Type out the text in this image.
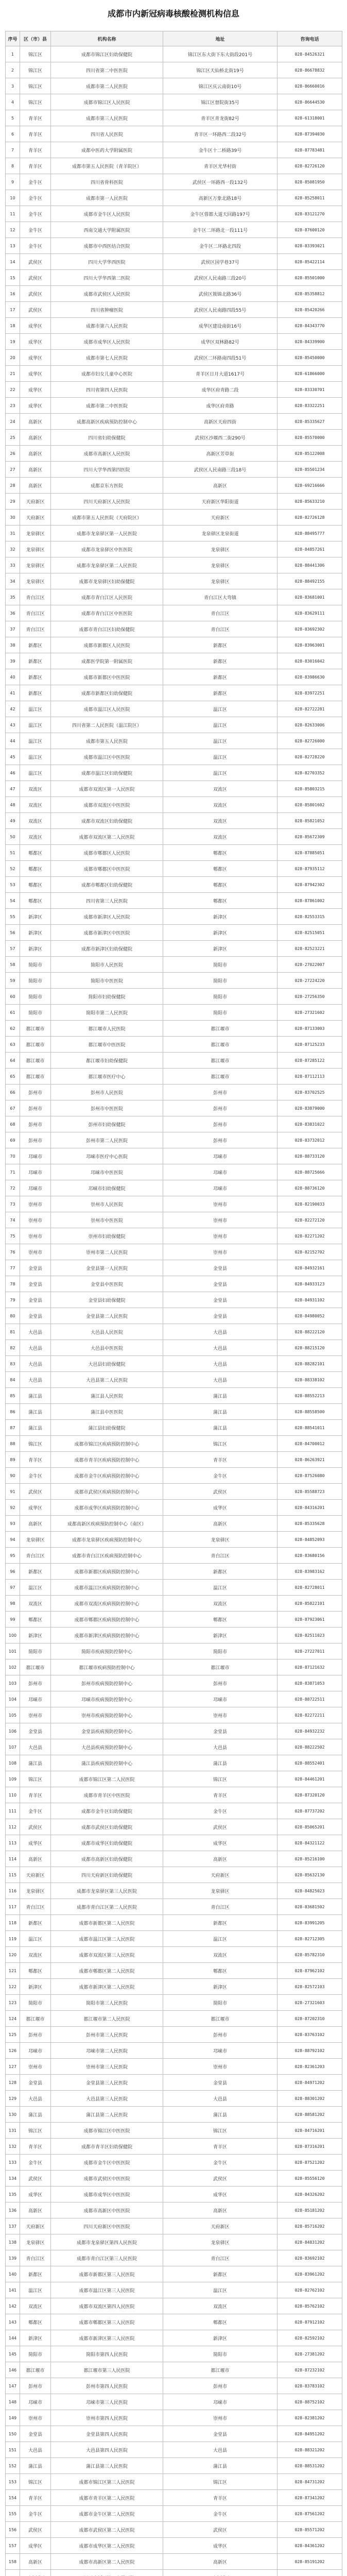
成都市内新冠病毒核酸检测机构信息
序号	区（市）县	机构名称	地址	咨询电话
1	锦江区	成都市锦江区妇幼保健院	锦江区东大街下东大街段201号	028-84526321
2	锦江区	四川省第二中医医院	锦江区天仙桥北街19号	028-86678832
3	锦江区	成都市第二人民医院	锦江区庆云南街10号	028-86660016
4	锦江区	成都市锦江区人民医院	锦江区督院街35号	028-86644530
5	青羊区	成都市第三人民医院	青羊区青龙街82号	028-61318001
6	青羊区	四川省人民医院	青羊区一环路西二段32号	028-87394030
7	青羊区	成都中医药大学附属医院	金牛区十二桥路39号	028-87783481
8	青羊区	成都市第五人民医院（青羊院区）	青羊区光华村街	028-82726120
9	金牛区	四川省骨科医院	武侯区一环路西一段132号	028-85081950
10	金牛区	成都市第一人民医院	高新区万象北路18号	028-85258011
11	金牛区	成都市金牛区人民医院	金牛区蓉都大道天回路197号	028-83121270
12	金牛区	西南交通大学附属医院	金牛区二环路北一段111号	028-87600120
13	金牛区	成都市中西医结合医院	金牛区二环路北四段	028-83393021
14	武侯区	四川大学华西医院	武侯区国学巷37号	028-85422114
15	武侯区	四川大学华西第二医院	武侯区人民南路三段20号	028-85501000
16	武侯区	成都市武侯区人民医院	武侯区簇锦北路36号	028-85358812
17	武侯区	四川省肿瘤医院	武侯区人民南路四段55号	028-85420266
18	成华区	成都市第六人民医院	成华区建设南街16号	028-84343770
19	成华区	成都市成华区人民医院	成华区双林路82号	028-84339900
20	成华区	成都市第七人民医院	武侯区二环路南四段51号	028-85450000
21	成华区	成都市妇女儿童中心医院	青羊区日月大道1617号	028-61866000
22	成华区	四川省第四人民医院	成华区府青路二段	028-83330701
23	成华区	成都市第二中医医院	成华区府青路	028-83322251
24	高新区	成都高新区疾病预防控制中心	高新区天府四街	028-85335627
25	高新区	四川省妇幼保健院	武侯区沙堰西二街290号	028-85570000
26	高新区	成都市高新区人民医院	高新区芳草街	028-85122008
27	高新区	四川大学华西第四医院	武侯区人民南路三段18号	028-85501234
28	高新区	成都京东方医院	高新区	028-69216666
29	天府新区	四川天府新区人民医院	天府新区华阳街道	028-85633210
30	天府新区	成都市第五人民医院（天府院区）	天府新区	028-82726128
31	龙泉驿区	成都市龙泉驿区第一人民医院	龙泉驿区龙泉街道	028-88495777
32	龙泉驿区	成都市龙泉驿区中医医院	龙泉驿区	028-84857261
33	龙泉驿区	成都市龙泉驿区第二人民医院	龙泉驿区	028-88441306
34	龙泉驿区	成都市龙泉驿区妇幼保健院	龙泉驿区	028-88492155
35	青白江区	成都市青白江区人民医院	青白江区大弯镇	028-83681001
36	青白江区	成都市青白江区中医医院	青白江区	028-83629111
37	青白江区	成都市青白江区妇幼保健院	青白江区	028-83692302
38	新都区	成都市新都区人民医院	新都区	028-83963001
39	新都区	成都医学院第一附属医院	新都区	028-83016042
40	新都区	成都市新都区中医医院	新都区	028-83986630
41	新都区	成都市新都区妇幼保健院	新都区	028-83972251
42	温江区	成都市温江区人民医院	温江区	028-82722281
43	温江区	四川省第二人民医院（温江院区）	温江区	028-82633006
44	温江区	成都市第五人民医院	温江区	028-82726000
45	温江区	成都市温江区中医医院	温江区	028-82728220
46	温江区	成都市温江区妇幼保健院	温江区	028-82703352
47	双流区	成都市双流区第一人民医院	双流区	028-85803215
48	双流区	成都市双流区中医医院	双流区	028-85801602
49	双流区	成都市双流区妇幼保健院	双流区	028-85821052
50	双流区	成都市双流区第二人民医院	双流区	028-85672309
51	郫都区	成都市郫都区人民医院	郫都区	028-87885051
52	郫都区	成都市郫都区中医医院	郫都区	028-87935112
53	郫都区	成都市郫都区妇幼保健院	郫都区	028-87942302
54	郫都区	四川省第三人民医院	郫都区	028-87861002
55	新津区	成都市新津区人民医院	新津区	028-82553315
56	新津区	成都市新津区中医医院	新津区	028-82515051
57	新津区	成都市新津区妇幼保健院	新津区	028-82523221
58	简阳市	简阳市人民医院	简阳市	028-27022007
59	简阳市	简阳市中医医院	简阳市	028-27224220
60	简阳市	简阳市妇幼保健院	简阳市	028-27256350
61	简阳市	简阳市第二人民医院	简阳市	028-27321602
62	都江堰市	都江堰市人民医院	都江堰市	028-87133003
63	都江堰市	都江堰市中医医院	都江堰市	028-87125233
64	都江堰市	都江堰市妇幼保健院	都江堰市	028-87285122
65	都江堰市	都江堰市医疗中心	都江堰市	028-87112113
66	彭州市	彭州市人民医院	彭州市	028-83702525
67	彭州市	彭州市中医医院	彭州市	028-83879000
68	彭州市	彭州市妇幼保健院	彭州市	028-83831022
69	彭州市	彭州市第二人民医院	彭州市	028-83732012
70	邛崃市	邛崃市医疗中心医院	邛崃市	028-88733120
71	邛崃市	邛崃市中医医院	邛崃市	028-88725666
72	邛崃市	邛崃市妇幼保健院	邛崃市	028-88736120
73	崇州市	崇州市人民医院	崇州市	028-82190033
74	崇州市	崇州市中医医院	崇州市	028-82272120
75	崇州市	崇州市妇幼保健院	崇州市	028-82271202
76	崇州市	崇州市第二人民医院	崇州市	028-82152702
77	金堂县	金堂县第一人民医院	金堂县	028-84932161
78	金堂县	金堂县中医医院	金堂县	028-84933123
79	金堂县	金堂县妇幼保健院	金堂县	028-84931102
80	金堂县	金堂县第二人民医院	金堂县	028-84980052
81	大邑县	大邑县人民医院	大邑县	028-88222120
82	大邑县	大邑县中医医院	大邑县	028-88215120
83	大邑县	大邑县妇幼保健院	大邑县	028-88282101
84	大邑县	大邑县第二人民医院	大邑县	028-88338102
85	蒲江县	蒲江县人民医院	蒲江县	028-88552213
86	蒲江县	蒲江县中医医院	蒲江县	028-88558500
87	蒲江县	蒲江县妇幼保健院	蒲江县	028-88541011
88	锦江区	成都市锦江区疾病预防控制中心	锦江区	028-84700012
89	青羊区	成都市青羊区疾病预防控制中心	青羊区	028-86263921
90	金牛区	成都市金牛区疾病预防控制中心	金牛区	028-87526080
91	武侯区	成都市武侯区疾病预防控制中心	武侯区	028-85588723
92	成华区	成都市成华区疾病预防控制中心	成华区	028-84316201
93	高新区	成都高新区疾病预防控制中心（南区）	高新区	028-85335628
94	龙泉驿区	成都市龙泉驿区疾病预防控制中心	龙泉驿区	028-84852093
95	青白江区	成都市青白江区疾病预防控制中心	青白江区	028-83680156
96	新都区	成都市新都区疾病预防控制中心	新都区	028-83983162
97	温江区	成都市温江区疾病预防控制中心	温江区	028-82728011
98	双流区	成都市双流区疾病预防控制中心	双流区	028-85822101
99	郫都区	成都市郫都区疾病预防控制中心	郫都区	028-87923061
100	新津区	成都市新津区疾病预防控制中心	新津区	028-82511023
101	简阳市	简阳市疾病预防控制中心	简阳市	028-27227011
102	都江堰市	都江堰市疾病预防控制中心	都江堰市	028-87121632
103	彭州市	彭州市疾病预防控制中心	彭州市	028-83871053
104	邛崃市	邛崃市疾病预防控制中心	邛崃市	028-88722511
105	崇州市	崇州市疾病预防控制中心	崇州市	028-82272211
106	金堂县	金堂县疾病预防控制中心	金堂县	028-84932232
107	大邑县	大邑县疾病预防控制中心	大邑县	028-88222502
108	蒲江县	蒲江县疾病预防控制中心	蒲江县	028-88552401
109	锦江区	成都市锦江区第二人民医院	锦江区	028-84461201
110	青羊区	成都市青羊区中医医院	青羊区	028-87320120
111	金牛区	成都市金牛区妇幼保健院	金牛区	028-87737202
112	武侯区	成都市武侯区妇幼保健院	武侯区	028-85065201
113	成华区	成都市成华区妇幼保健院	成华区	028-84321122
114	高新区	成都市高新区妇幼保健院	高新区	028-85216100
115	天府新区	四川天府新区妇幼保健院	天府新区	028-85632130
116	龙泉驿区	成都市龙泉驿区第三人民医院	龙泉驿区	028-84825023
117	青白江区	成都市青白江区第二人民医院	青白江区	028-83681502
118	新都区	成都市新都区第二人民医院	新都区	028-83991205
119	温江区	成都市温江区第二人民医院	温江区	028-82712305
120	双流区	成都市双流区第三人民医院	双流区	028-85782310
121	郫都区	成都市郫都区第二人民医院	郫都区	028-87962102
122	新津区	成都市新津区第二人民医院	新津区	028-82572103
123	简阳市	简阳市第三人民医院	简阳市	028-27321603
124	都江堰市	都江堰市第二人民医院	都江堰市	028-87202310
125	彭州市	彭州市第三人民医院	彭州市	028-83763102
126	邛崃市	邛崃市第二人民医院	邛崃市	028-88792102
127	崇州市	崇州市第三人民医院	崇州市	028-82361203
128	金堂县	金堂县第三人民医院	金堂县	028-84971202
129	大邑县	大邑县第三人民医院	大邑县	028-88301202
130	蒲江县	蒲江县第二人民医院	蒲江县	028-88581202
131	锦江区	成都市锦江区中医医院	锦江区	028-84716201
132	青羊区	成都市青羊区妇幼保健院	青羊区	028-87316201
133	金牛区	成都市金牛区中医医院	金牛区	028-87521202
134	武侯区	成都市武侯区中医医院	武侯区	028-85556120
135	成华区	成都市成华区中医医院	成华区	028-84326202
136	高新区	成都市高新区中医医院	高新区	028-85181202
137	天府新区	四川天府新区中医医院	天府新区	028-85716202
138	龙泉驿区	成都市龙泉驿区第四人民医院	龙泉驿区	028-84831202
139	青白江区	成都市青白江区第三人民医院	青白江区	028-83692102
140	新都区	成都市新都区第三人民医院	新都区	028-83961202
141	温江区	成都市温江区第三人民医院	温江区	028-82762102
142	双流区	成都市双流区第四人民医院	双流区	028-85762102
143	郫都区	成都市郫都区第三人民医院	郫都区	028-87912102
144	新津区	成都市新津区第三人民医院	新津区	028-82592102
145	简阳市	简阳市第四人民医院	简阳市	028-27381202
146	都江堰市	都江堰市第三人民医院	都江堰市	028-87232102
147	彭州市	彭州市第四人民医院	彭州市	028-83783102
148	邛崃市	邛崃市第三人民医院	邛崃市	028-88752102
149	崇州市	崇州市第四人民医院	崇州市	028-82381202
150	金堂县	金堂县第四人民医院	金堂县	028-84951202
151	大邑县	大邑县第四人民医院	大邑县	028-88321202
152	蒲江县	蒲江县第三人民医院	蒲江县	028-88531202
153	锦江区	成都市锦江区第三人民医院	锦江区	028-84731202
154	青羊区	成都市青羊区第二人民医院	青羊区	028-87341202
155	金牛区	成都市金牛区第二人民医院	金牛区	028-87561202
156	武侯区	成都市武侯区第二人民医院	武侯区	028-85571202
157	成华区	成都市成华区第二人民医院	成华区	028-84361202
158	高新区	成都市高新区第二人民医院	高新区	028-85191202
